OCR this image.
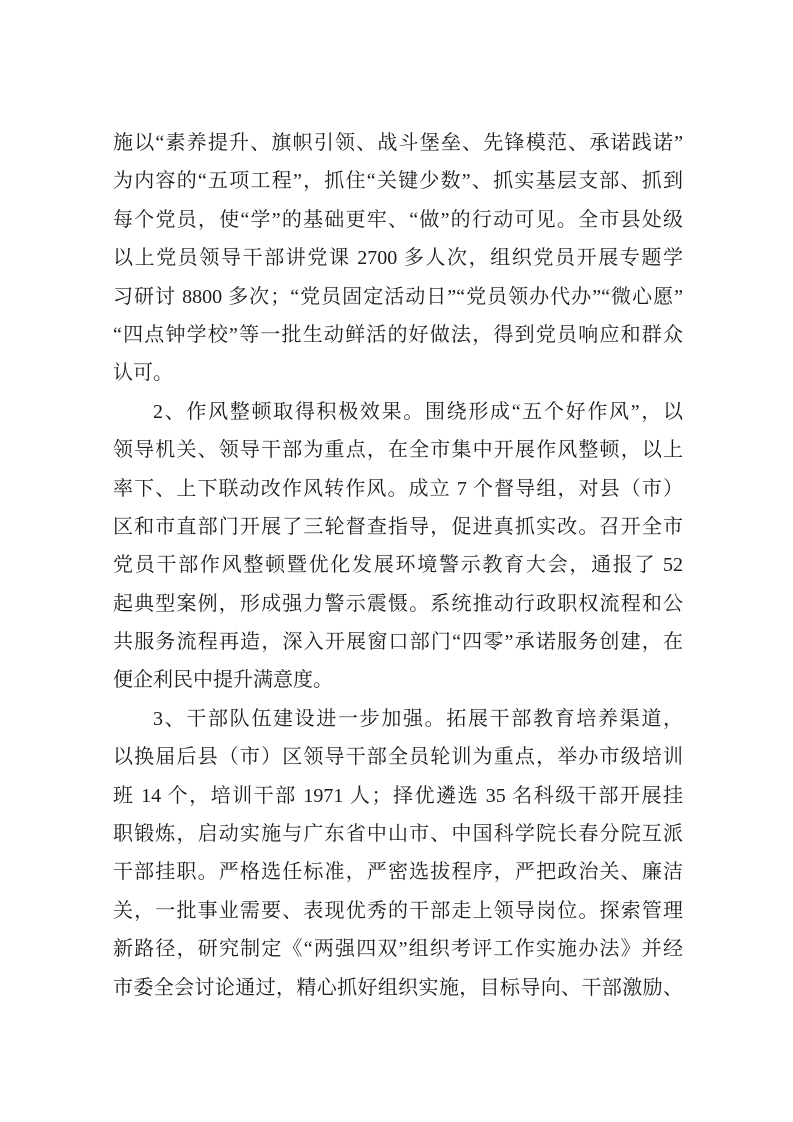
施以“素养提升、旗帜引领、战斗堡垒、先锋模范、承诺践诺”
为内容的“五项工程”，抓住“关键少数”、抓实基层支部、抓到
每个党员，使“学”的基础更牢、“做”的行动可见。全市县处级
以上党员领导干部讲党课 2700 多人次，组织党员开展专题学
习研讨 8800 多次；“党员固定活动日”“党员领办代办”“微心愿”
“四点钟学校”等一批生动鲜活的好做法，得到党员响应和群众
认可。
2、作风整顿取得积极效果。围绕形成“五个好作风”，以
领导机关、领导干部为重点，在全市集中开展作风整顿，以上
率下、上下联动改作风转作风。成立 7 个督导组，对县（市）
区和市直部门开展了三轮督查指导，促进真抓实改。召开全市
党员干部作风整顿暨优化发展环境警示教育大会，通报了 52
起典型案例，形成强力警示震慑。系统推动行政职权流程和公
共服务流程再造，深入开展窗口部门“四零”承诺服务创建，在
便企利民中提升满意度。
3、干部队伍建设进一步加强。拓展干部教育培养渠道，
以换届后县（市）区领导干部全员轮训为重点，举办市级培训
班 14 个，培训干部 1971 人；择优遴选 35 名科级干部开展挂
职锻炼，启动实施与广东省中山市、中国科学院长春分院互派
干部挂职。严格选任标准，严密选拔程序，严把政治关、廉洁
关，一批事业需要、表现优秀的干部走上领导岗位。探索管理
新路径，研究制定《“两强四双”组织考评工作实施办法》并经
市委全会讨论通过，精心抓好组织实施，目标导向、干部激励、
